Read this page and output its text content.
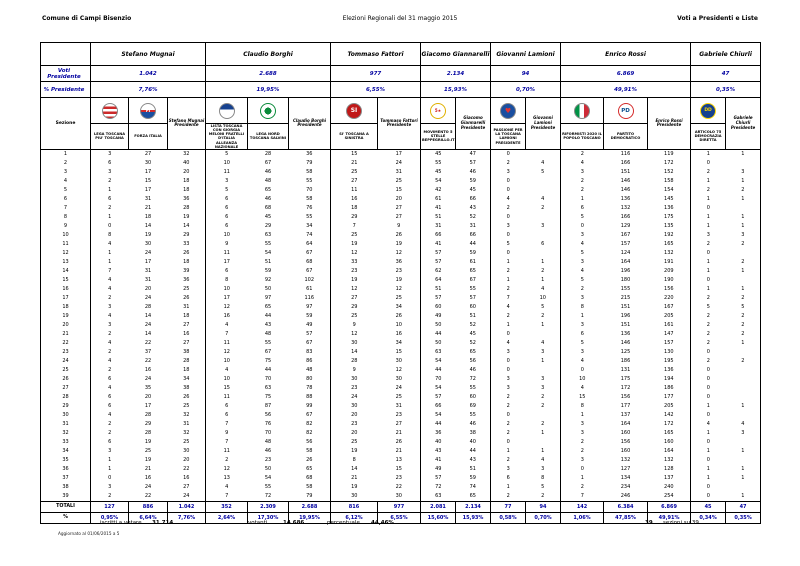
Comune di Campi Bisenzio	Elezioni Regionali del 31 maggio 2015	Voti a Presidenti e Liste
	Stefano Mugnai			Claudio Borghi			Tommaso Fattori		Giacomo Giannarelli		Giovanni Lamioni		Enrico Rossi			Gabriele Chiurli	
Voti Presidente	1.042			2.688			977		2.134		94		6.869			47	
% Presidente	7,76%			19,95%			6,55%		15,93%		0,70%		49,91%			0,35%	
Sezione		FI	Stefano Mugnai Presidente			Claudio Borghi Presidente	SI	Tommaso Fattori Presidente	5★	Giacomo Giannarelli Presidente	♥	Giovanni Lamioni Presidente		PD	Enrico Rossi Presidente	DD	Gabriele Chiurli Presidente
	LEGA TOSCANA PIU' TOSCANA	FORZA ITALIA		LISTA TOSCANA CON GIORGIA MELONI FRATELLI D'ITALIA ALLEANZA NAZIONALE	LEGA NORD TOSCANA SALVINI		SI' TOSCANA A SINISTRA		MOVIMENTO 5 STELLE BEPPEGRILLO.IT		PASSIONE PER LA TOSCANA LAMIONI PRESIDENTE		RIFORMISTI 2020 IL POPOLO TOSCANO	PARTITO DEMOCRATICO		ARTICOLO 75 DEMOCRAZIA DIRETTA	
1	3	27	32	5	28	36	15	17	45	47	0		2	116	119	1	1
2	6	30	40	10	67	79	21	24	55	57	2	4	4	166	172	0	
3	3	17	20	11	46	58	25	31	45	46	3	5	3	151	152	2	3
4	2	15	18	3	48	55	27	25	54	59	0		2	146	158	1	1
5	1	17	18	5	65	70	11	15	42	45	0		2	146	154	2	2
6	6	31	36	6	46	58	16	20	61	66	4	4	1	136	145	1	1
7	2	21	28	6	68	76	18	27	41	43	2	2	6	132	136	0	
8	1	18	19	6	45	55	29	27	51	52	0		5	166	175	1	1
9	0	14	14	6	29	34	7	9	31	31	3	3	0	129	135	1	1
10	8	19	29	10	63	74	25	26	66	66	0		3	167	192	3	3
11	4	30	33	9	55	64	19	19	41	44	5	6	4	157	165	2	2
12	1	24	26	11	54	67	12	12	57	59	0		5	124	132	0	
13	1	17	18	17	51	68	33	36	57	61	1	1	3	164	191	1	2
14	7	31	39	6	59	67	23	23	62	65	2	2	4	196	209	1	1
15	4	31	36	8	92	102	19	19	64	67	1	1	5	180	190	0	
16	4	20	25	10	50	61	12	12	51	55	2	4	2	155	156	1	1
17	2	24	26	17	97	116	27	25	57	57	7	10	3	215	220	2	2
18	3	28	31	12	65	97	29	34	60	60	4	5	8	151	167	5	5
19	4	14	18	16	44	59	25	26	49	51	2	2	1	196	205	2	2
20	3	24	27	4	43	49	9	10	50	52	1	1	3	151	161	2	2
21	2	14	16	7	48	57	12	16	44	45	0		6	136	147	2	2
22	4	22	27	11	55	67	30	34	50	52	4	4	5	146	157	2	1
23	2	37	38	12	67	83	14	15	63	65	3	3	3	125	130	0	
24	4	22	28	10	75	86	28	30	54	56	0	1	4	186	195	2	2
25	2	16	18	4	44	48	9	12	44	46	0		0	131	136	0	
26	6	24	34	10	70	80	30	30	70	72	3	3	10	175	194	0	
27	4	35	38	15	63	78	23	24	54	55	3	3	4	172	186	0	
28	6	20	26	11	75	88	24	25	57	60	2	2	15	156	177	0	
29	6	17	25	6	87	99	30	31	66	69	2	2	8	177	205	1	1
30	4	28	32	6	56	67	20	23	54	55	0		1	137	142	0	
31	2	29	31	7	76	82	23	27	44	46	2	2	3	164	172	4	4
32	2	28	32	9	70	82	20	21	36	38	2	1	3	160	165	1	3
33	6	19	25	7	48	56	25	26	40	40	0		2	156	160	0	
34	3	25	30	11	46	58	19	21	43	44	1	1	2	160	164	1	1
35	1	19	20	2	23	26	8	13	41	43	2	4	3	132	132	0	
36	1	21	22	12	50	65	14	15	49	51	3	3	0	127	128	1	1
37	0	16	16	13	54	68	21	23	57	59	6	8	1	134	137	1	1
38	3	24	27	4	55	58	19	22	72	74	1	5	2	234	240	0	
39	2	22	24	7	72	79	30	30	63	65	2	2	7	246	254	0	1
TOTALI	127	886	1.042	352	2.309	2.688	816	977	2.081	2.134	77	94	142	6.384	6.869	45	47
%	0,95%	6,64%	7,76%	2,64%	17,30%	19,95%	6,12%	6,55%	15,60%	15,93%	0,58%	0,70%	1,06%	47,85%	49,91%	0,34%	0,35%
iscritti a votare 31.714	votanti	14.686	percentuale 44,46%	39 sezioni su 39
Aggiornato al 01/06/2015 a 5
